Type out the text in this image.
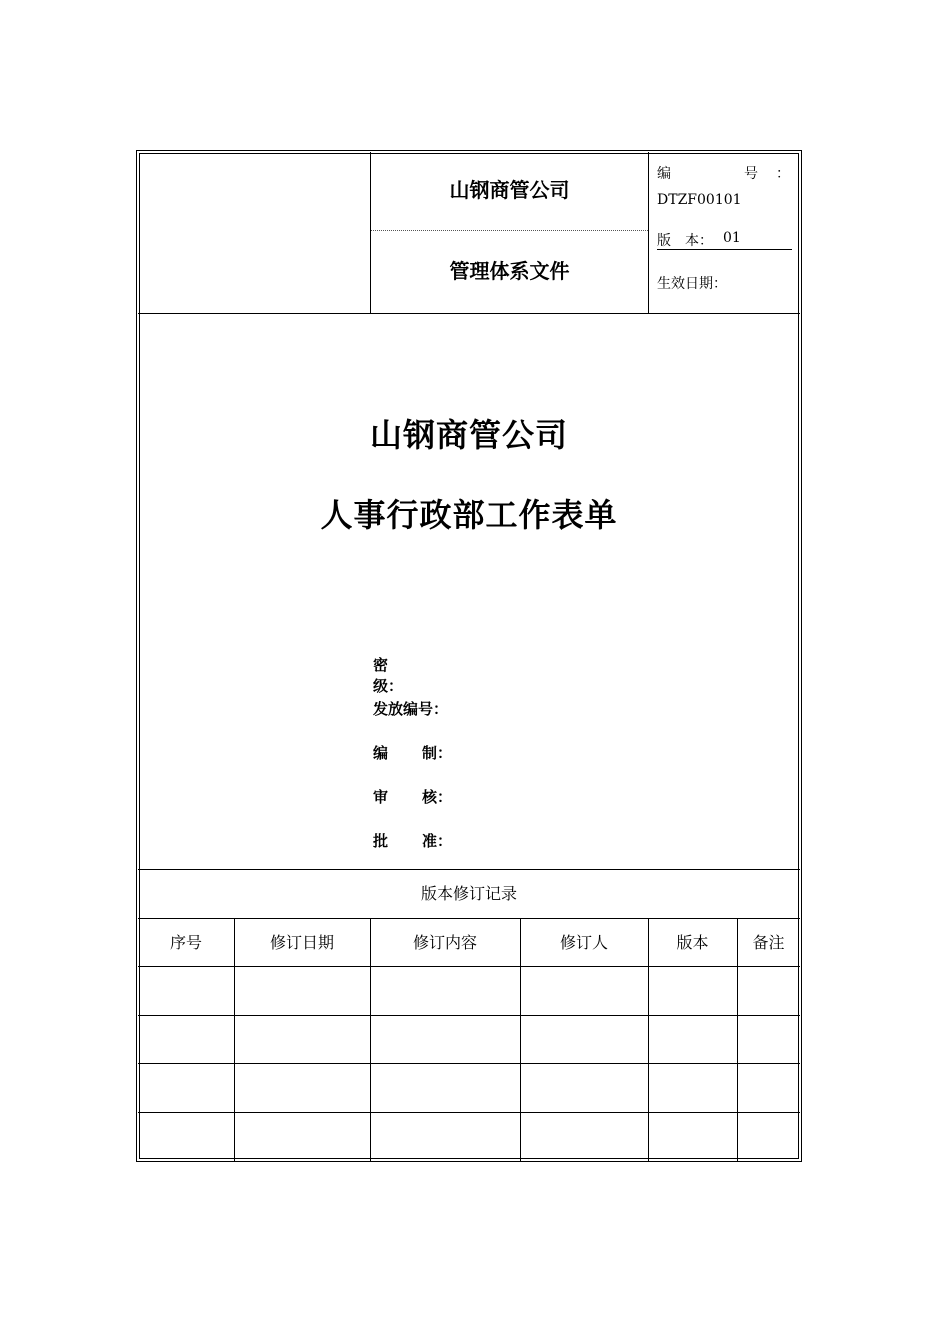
山钢商管公司
管理体系文件
编	号 ：
DTZF00101
版　本： 01
生效日期：
山钢商管公司
人事行政部工作表单
密级：
发放编号：
编 制：
审 核：
批 准：
版本修订记录
序号	修订日期	修订内容	修订人	版本	备注
